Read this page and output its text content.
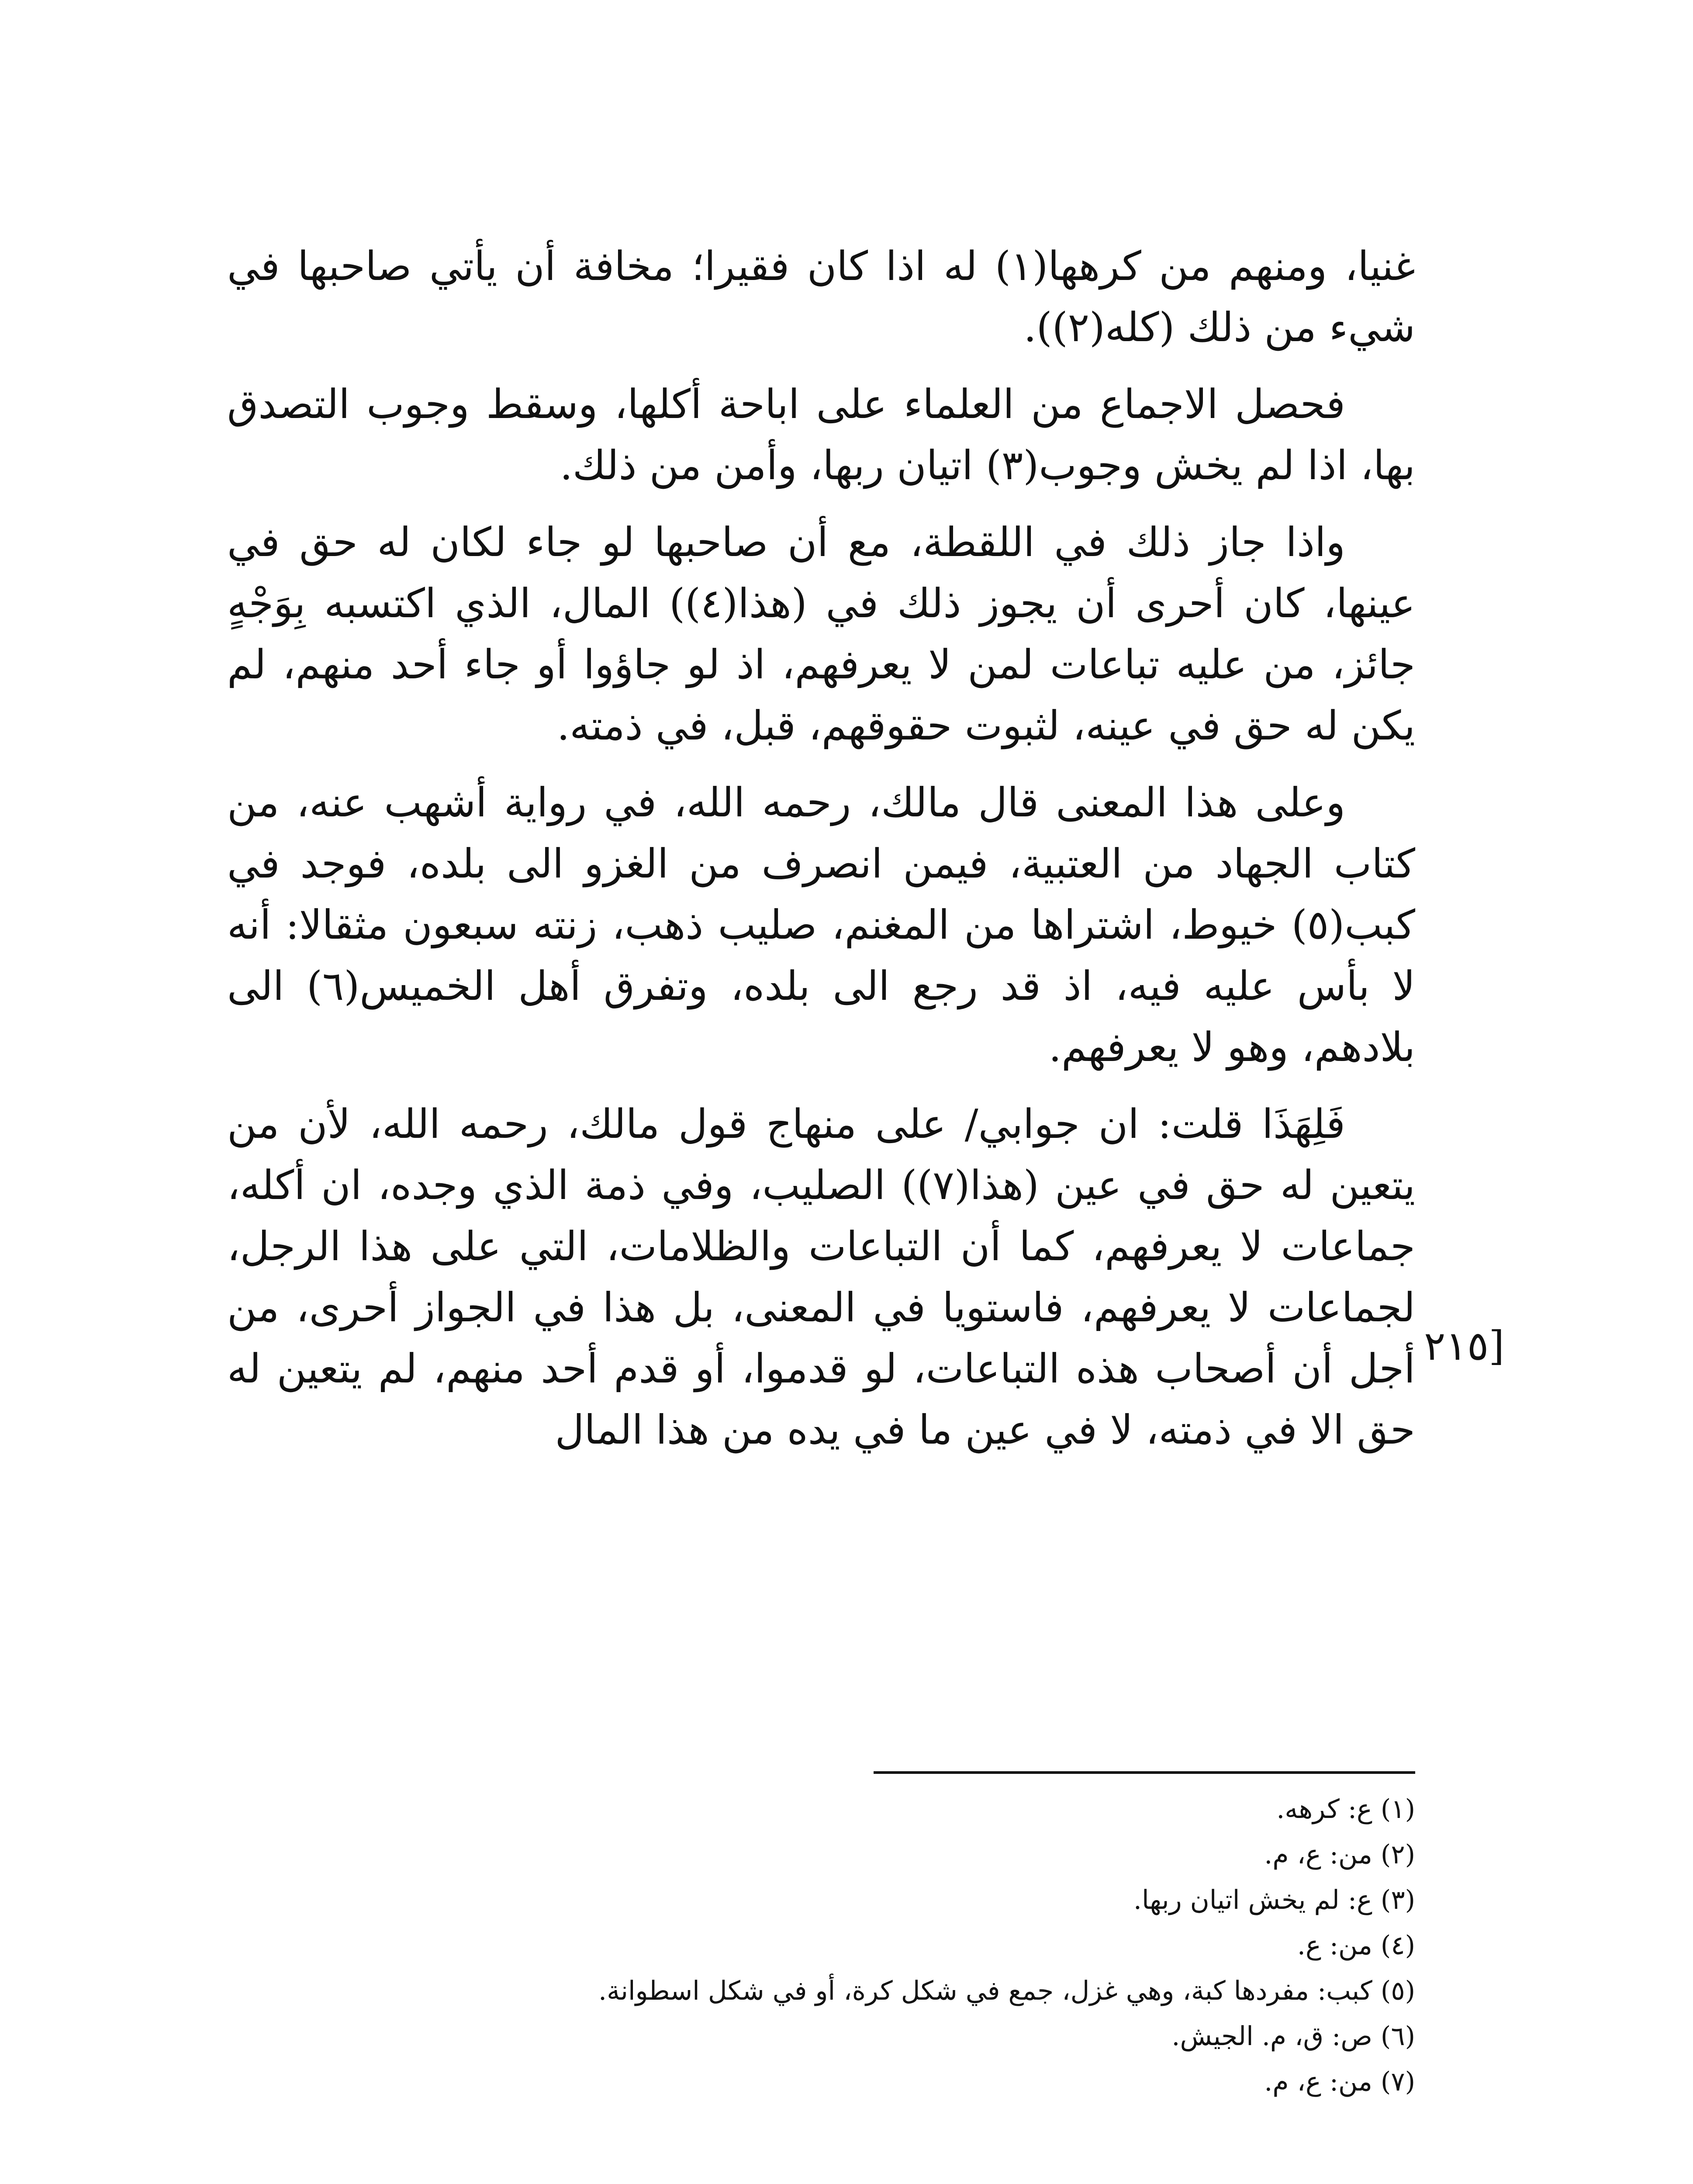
غنيا، ومنهم من كرهها(١) له اذا كان فقيرا؛ مخافة أن يأتي صاحبها في شيء من ذلك (كله(٢)).

فحصل الاجماع من العلماء على اباحة أكلها، وسقط وجوب التصدق بها، اذا لم يخش وجوب(٣) اتيان ربها، وأمن من ذلك.

واذا جاز ذلك في اللقطة، مع أن صاحبها لو جاء لكان له حق في عينها، كان أحرى أن يجوز ذلك في (هذا(٤)) المال، الذي اكتسبه بِوَجْهٍ جائز، من عليه تباعات لمن لا يعرفهم، اذ لو جاؤوا أو جاء أحد منهم، لم يكن له حق في عينه، لثبوت حقوقهم، قبل، في ذمته.

وعلى هذا المعنى قال مالك، رحمه الله، في رواية أشهب عنه، من كتاب الجهاد من العتبية، فيمن انصرف من الغزو الى بلده، فوجد في كبب(٥) خيوط، اشتراها من المغنم، صليب ذهب، زنته سبعون مثقالا: أنه لا بأس عليه فيه، اذ قد رجع الى بلده، وتفرق أهل الخميس(٦) الى بلادهم، وهو لا يعرفهم.

فَلِهَذَا قلت: ان جوابي/ على منهاج قول مالك، رحمه الله، لأن من يتعين له حق في عين (هذا(٧)) الصليب، وفي ذمة الذي وجده، ان أكله، جماعات لا يعرفهم، كما أن التباعات والظلامات، التي على هذا الرجل، لجماعات لا يعرفهم، فاستويا في المعنى، بل هذا في الجواز أحرى، من أجل أن أصحاب هذه التباعات، لو قدموا، أو قدم أحد منهم، لم يتعين له حق الا في ذمته، لا في عين ما في يده من هذا المال

[٢١٥

(١) ع: كرهه.

(٢) من: ع، م.

(٣) ع: لم يخش اتيان ربها.

(٤) من: ع.

(٥) كبب: مفردها كبة، وهي غزل، جمع في شكل كرة، أو في شكل اسطوانة.

(٦) ص: ق، م. الجيش.

(٧) من: ع، م.
